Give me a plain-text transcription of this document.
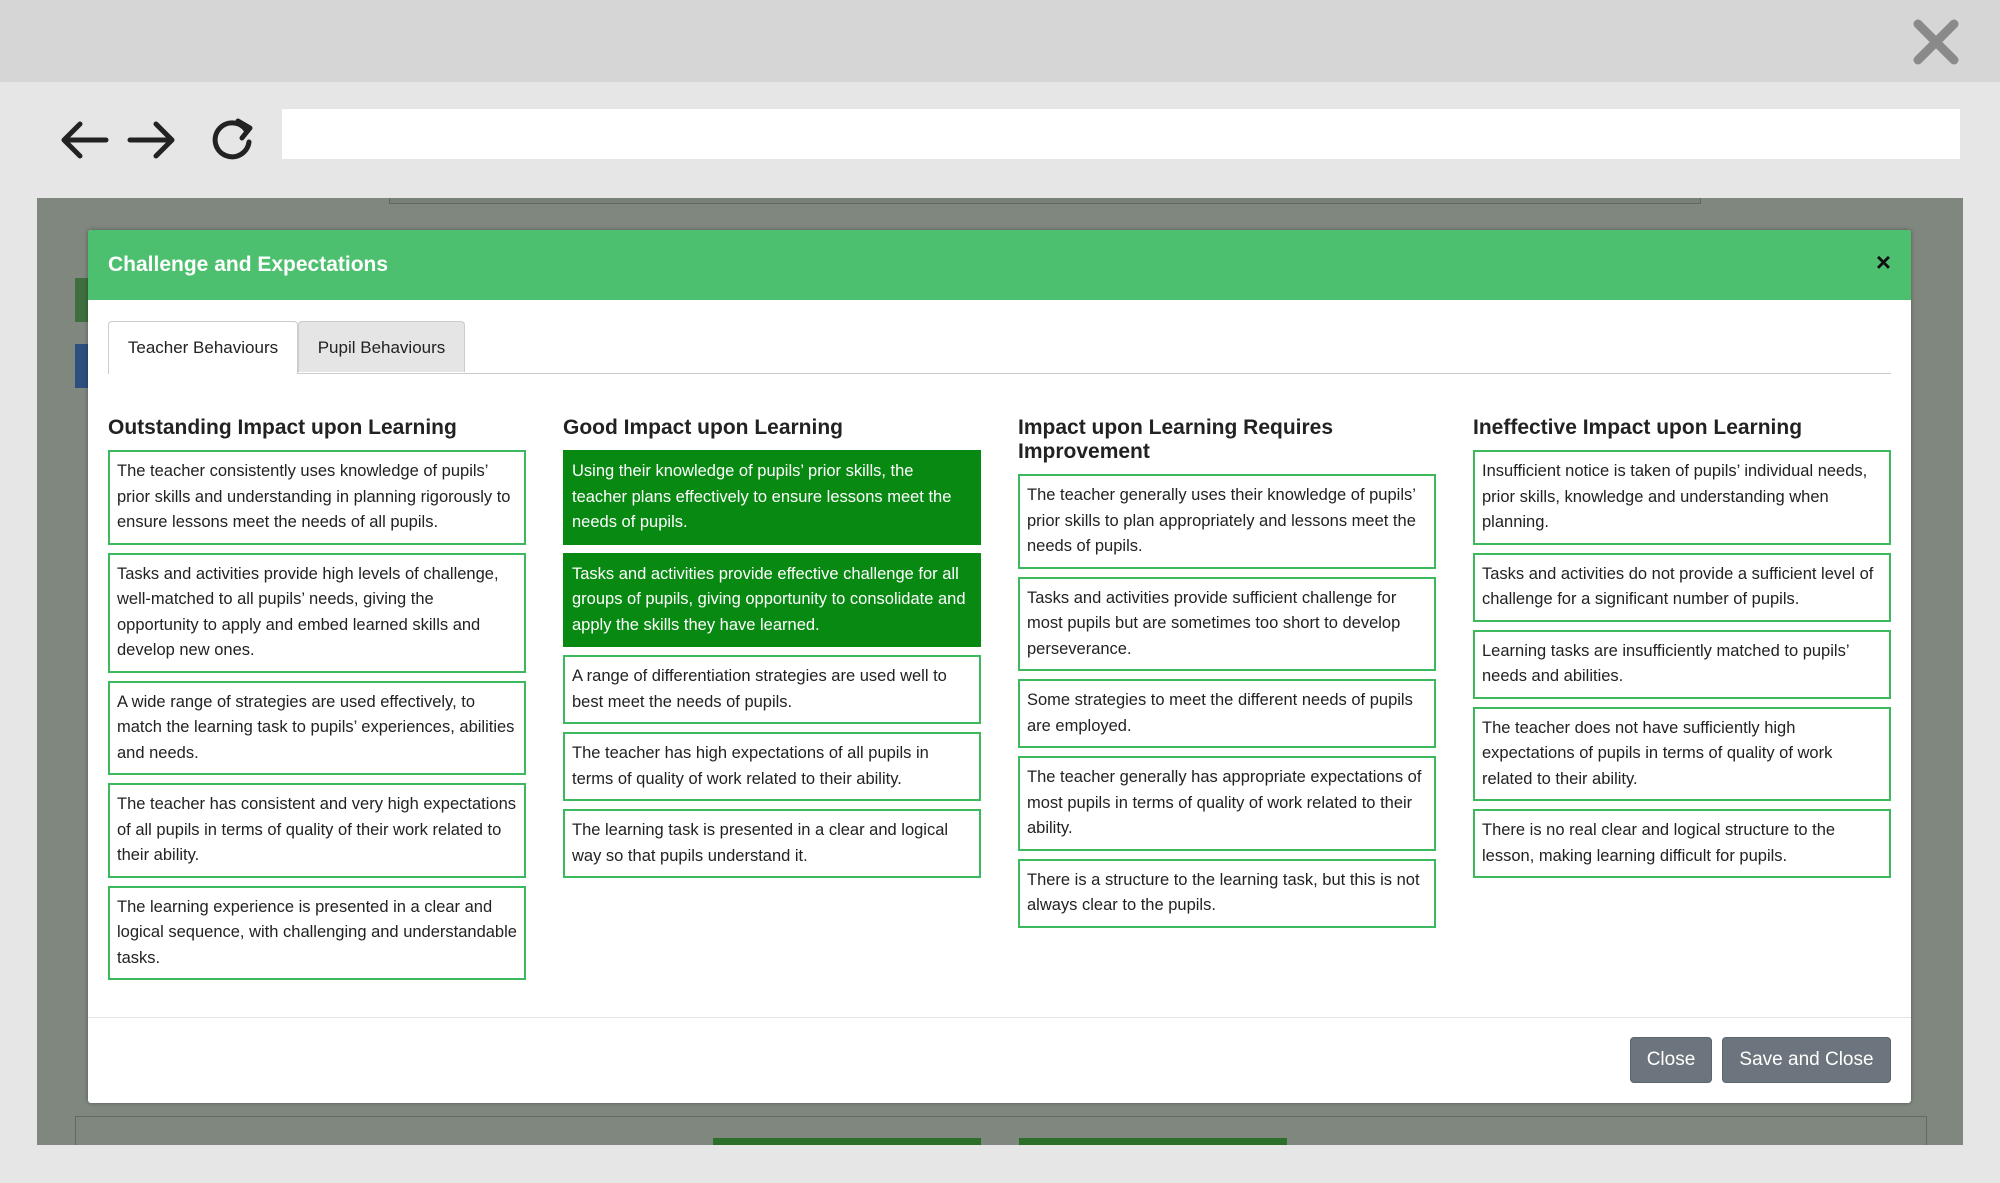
Challenge and Expectations	×
Teacher Behaviours	Pupil Behaviours
Outstanding Impact upon Learning
The teacher consistently uses knowledge of pupils’ prior skills and understanding in planning rigorously to ensure lessons meet the needs of all pupils.
Tasks and activities provide high levels of challenge, well-matched to all pupils’ needs, giving the opportunity to apply and embed learned skills and develop new ones.
A wide range of strategies are used effectively, to match the learning task to pupils’ experiences, abilities and needs.
The teacher has consistent and very high expectations of all pupils in terms of quality of their work related to their ability.
The learning experience is presented in a clear and logical sequence, with challenging and understandable tasks.
Good Impact upon Learning
Using their knowledge of pupils’ prior skills, the teacher plans effectively to ensure lessons meet the needs of pupils.
Tasks and activities provide effective challenge for all groups of pupils, giving opportunity to consolidate and apply the skills they have learned.
A range of differentiation strategies are used well to best meet the needs of pupils.
The teacher has high expectations of all pupils in terms of quality of work related to their ability.
The learning task is presented in a clear and logical way so that pupils understand it.
Impact upon Learning Requires Improvement
The teacher generally uses their knowledge of pupils’ prior skills to plan appropriately and lessons meet the needs of pupils.
Tasks and activities provide sufficient challenge for most pupils but are sometimes too short to develop perseverance.
Some strategies to meet the different needs of pupils are employed.
The teacher generally has appropriate expectations of most pupils in terms of quality of work related to their ability.
There is a structure to the learning task, but this is not always clear to the pupils.
Ineffective Impact upon Learning
Insufficient notice is taken of pupils’ individual needs, prior skills, knowledge and understanding when planning.
Tasks and activities do not provide a sufficient level of challenge for a significant number of pupils.
Learning tasks are insufficiently matched to pupils’ needs and abilities.
The teacher does not have sufficiently high expectations of pupils in terms of quality of work related to their ability.
There is no real clear and logical structure to the lesson, making learning difficult for pupils.
Close	Save and Close
